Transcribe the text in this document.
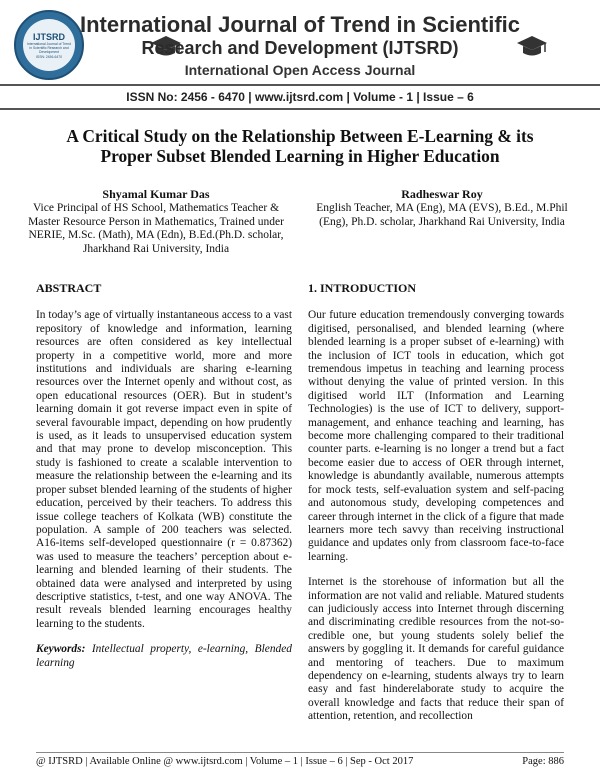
IJTSRD
International Journal of Trend in Scientific Research and Development
ISSN: 2456-6470
International Journal of Trend in Scientific
Research and Development (IJTSRD)
International Open Access Journal
ISSN No: 2456 - 6470 | www.ijtsrd.com | Volume - 1 | Issue – 6
A Critical Study on the Relationship Between E-Learning & its Proper Subset Blended Learning in Higher Education
Shyamal Kumar Das
Vice Principal of HS School, Mathematics Teacher & Master Resource Person in Mathematics, Trained under NERIE, M.Sc. (Math), MA (Edn), B.Ed.(Ph.D. scholar, Jharkhand Rai University, India
Radheswar Roy
English Teacher, MA (Eng), MA (EVS), B.Ed., M.Phil (Eng), Ph.D. scholar, Jharkhand Rai University, India
ABSTRACT

In today’s age of virtually instantaneous access to a vast repository of knowledge and information, learning resources are often considered as key intellectual property in a competitive world, more and more institutions and individuals are sharing e-learning resources over the Internet openly and without cost, as open educational resources (OER). But in student’s learning domain it got reverse impact even in spite of several favourable impact, depending on how prudently is used, as it leads to unsupervised education system and that may prone to develop misconception. This study is fashioned to create a scalable intervention to measure the relationship between the e-learning and its proper subset blended learning of the students of higher education, perceived by their teachers. To address this issue college teachers of Kolkata (WB) constitute the population. A sample of 200 teachers was selected. A16-items self-developed questionnaire (r = 0.87362) was used to measure the teachers’ perception about e-learning and blended learning of their students. The obtained data were analysed and interpreted by using descriptive statistics, t-test, and one way ANOVA. The result reveals blended learning encourages healthy learning to the students.

Keywords: Intellectual property, e-learning, Blended learning

1. INTRODUCTION

Our future education tremendously converging towards digitised, personalised, and blended learning (where blended learning is a proper subset of e-learning) with the inclusion of ICT tools in education, which got tremendous impetus in teaching and learning process without denying the value of printed version. In this digitised world ILT (Information and Learning Technologies) is the use of ICT to delivery, support-management, and enhance teaching and learning, has become more challenging compared to their traditional counter parts. e-learning is no longer a trend but a fact become easier due to access of OER through internet, knowledge is abundantly available, numerous attempts for mock tests, self-evaluation system and self-pacing and autonomous study, developing competences and career through internet in the click of a figure that made learners more tech savvy than receiving instructional guidance and updates only from classroom face-to-face learning.

Internet is the storehouse of information but all the information are not valid and reliable. Matured students can judiciously access into Internet through discerning and discriminating credible resources from the not-so-credible one, but young students solely belief the answers by goggling it. It demands for careful guidance and mentoring of teachers. Due to maximum dependency on e-learning, students always try to learn easy and fast hinderelaborate study to acquire the overall knowledge and facts that reduce their span of attention, retention, and recollection

@ IJTSRD | Available Online @ www.ijtsrd.com | Volume – 1 | Issue – 6 | Sep - Oct 2017	Page: 886
